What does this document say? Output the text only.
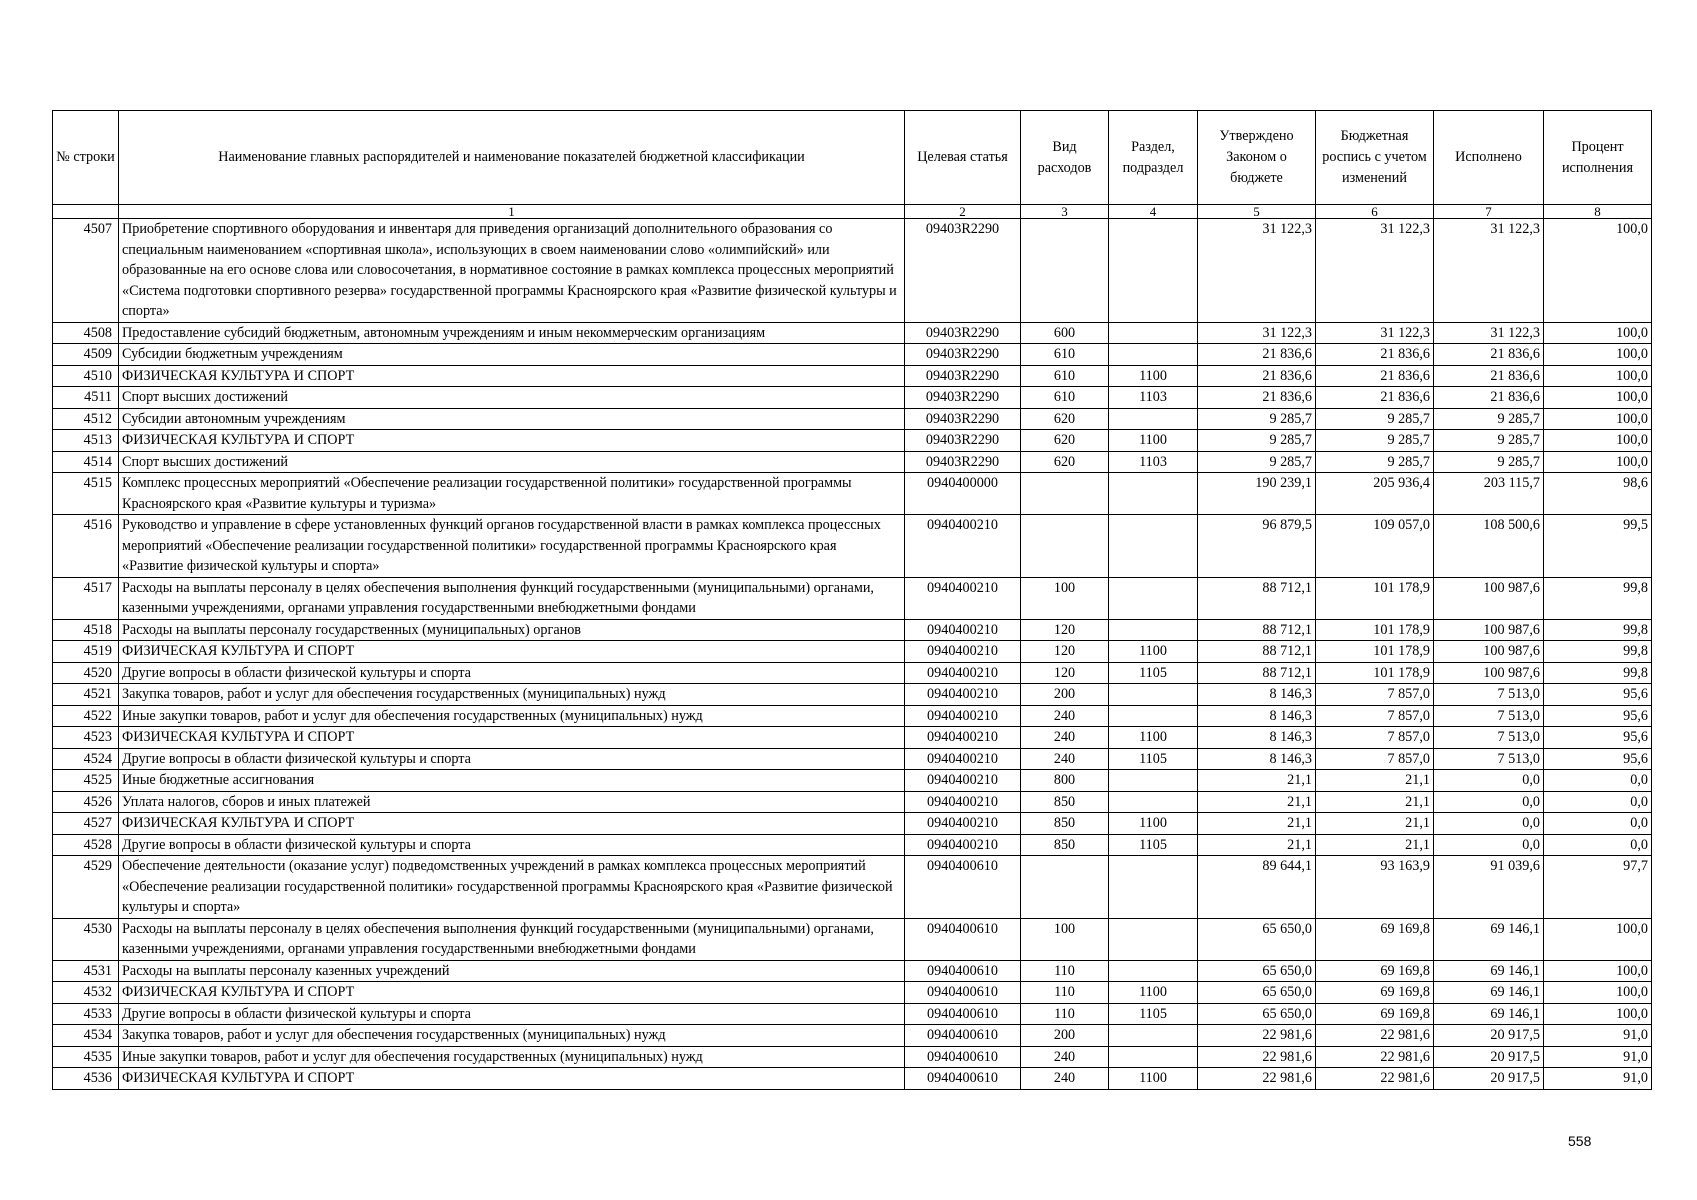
№ строки	Наименование главных распорядителей и наименование показателей бюджетной классификации	Целевая статья	Вид расходов	Раздел, подраздел	Утверждено Законом о бюджете	Бюджетная роспись с учетом изменений	Исполнено	Процент исполнения
	1	2	3	4	5	6	7	8
4507	Приобретение спортивного оборудования и инвентаря для приведения организаций дополнительного образования со специальным наименованием «спортивная школа», использующих в своем наименовании слово «олимпийский» или образованные на его основе слова или словосочетания, в нормативное состояние в рамках комплекса процессных мероприятий «Система подготовки спортивного резерва» государственной программы Красноярского края «Развитие физической культуры и спорта»	09403R2290			31 122,3	31 122,3	31 122,3	100,0
4508	Предоставление субсидий бюджетным, автономным учреждениям и иным некоммерческим организациям	09403R2290	600		31 122,3	31 122,3	31 122,3	100,0
4509	Субсидии бюджетным учреждениям	09403R2290	610		21 836,6	21 836,6	21 836,6	100,0
4510	ФИЗИЧЕСКАЯ КУЛЬТУРА И СПОРТ	09403R2290	610	1100	21 836,6	21 836,6	21 836,6	100,0
4511	Спорт высших достижений	09403R2290	610	1103	21 836,6	21 836,6	21 836,6	100,0
4512	Субсидии автономным учреждениям	09403R2290	620		9 285,7	9 285,7	9 285,7	100,0
4513	ФИЗИЧЕСКАЯ КУЛЬТУРА И СПОРТ	09403R2290	620	1100	9 285,7	9 285,7	9 285,7	100,0
4514	Спорт высших достижений	09403R2290	620	1103	9 285,7	9 285,7	9 285,7	100,0
4515	Комплекс процессных мероприятий «Обеспечение реализации государственной политики» государственной программы Красноярского края «Развитие культуры и туризма»	0940400000			190 239,1	205 936,4	203 115,7	98,6
4516	Руководство и управление в сфере установленных функций органов государственной власти в рамках комплекса процессных мероприятий «Обеспечение реализации государственной политики» государственной программы Красноярского края «Развитие физической культуры и спорта»	0940400210			96 879,5	109 057,0	108 500,6	99,5
4517	Расходы на выплаты персоналу в целях обеспечения выполнения функций государственными (муниципальными) органами, казенными учреждениями, органами управления государственными внебюджетными фондами	0940400210	100		88 712,1	101 178,9	100 987,6	99,8
4518	Расходы на выплаты персоналу государственных (муниципальных) органов	0940400210	120		88 712,1	101 178,9	100 987,6	99,8
4519	ФИЗИЧЕСКАЯ КУЛЬТУРА И СПОРТ	0940400210	120	1100	88 712,1	101 178,9	100 987,6	99,8
4520	Другие вопросы в области физической культуры и спорта	0940400210	120	1105	88 712,1	101 178,9	100 987,6	99,8
4521	Закупка товаров, работ и услуг для обеспечения государственных (муниципальных) нужд	0940400210	200		8 146,3	7 857,0	7 513,0	95,6
4522	Иные закупки товаров, работ и услуг для обеспечения государственных (муниципальных) нужд	0940400210	240		8 146,3	7 857,0	7 513,0	95,6
4523	ФИЗИЧЕСКАЯ КУЛЬТУРА И СПОРТ	0940400210	240	1100	8 146,3	7 857,0	7 513,0	95,6
4524	Другие вопросы в области физической культуры и спорта	0940400210	240	1105	8 146,3	7 857,0	7 513,0	95,6
4525	Иные бюджетные ассигнования	0940400210	800		21,1	21,1	0,0	0,0
4526	Уплата налогов, сборов и иных платежей	0940400210	850		21,1	21,1	0,0	0,0
4527	ФИЗИЧЕСКАЯ КУЛЬТУРА И СПОРТ	0940400210	850	1100	21,1	21,1	0,0	0,0
4528	Другие вопросы в области физической культуры и спорта	0940400210	850	1105	21,1	21,1	0,0	0,0
4529	Обеспечение деятельности (оказание услуг) подведомственных учреждений в рамках комплекса процессных мероприятий «Обеспечение реализации государственной политики» государственной программы Красноярского края «Развитие физической культуры и спорта»	0940400610			89 644,1	93 163,9	91 039,6	97,7
4530	Расходы на выплаты персоналу в целях обеспечения выполнения функций государственными (муниципальными) органами, казенными учреждениями, органами управления государственными внебюджетными фондами	0940400610	100		65 650,0	69 169,8	69 146,1	100,0
4531	Расходы на выплаты персоналу казенных учреждений	0940400610	110		65 650,0	69 169,8	69 146,1	100,0
4532	ФИЗИЧЕСКАЯ КУЛЬТУРА И СПОРТ	0940400610	110	1100	65 650,0	69 169,8	69 146,1	100,0
4533	Другие вопросы в области физической культуры и спорта	0940400610	110	1105	65 650,0	69 169,8	69 146,1	100,0
4534	Закупка товаров, работ и услуг для обеспечения государственных (муниципальных) нужд	0940400610	200		22 981,6	22 981,6	20 917,5	91,0
4535	Иные закупки товаров, работ и услуг для обеспечения государственных (муниципальных) нужд	0940400610	240		22 981,6	22 981,6	20 917,5	91,0
4536	ФИЗИЧЕСКАЯ КУЛЬТУРА И СПОРТ	0940400610	240	1100	22 981,6	22 981,6	20 917,5	91,0
558
